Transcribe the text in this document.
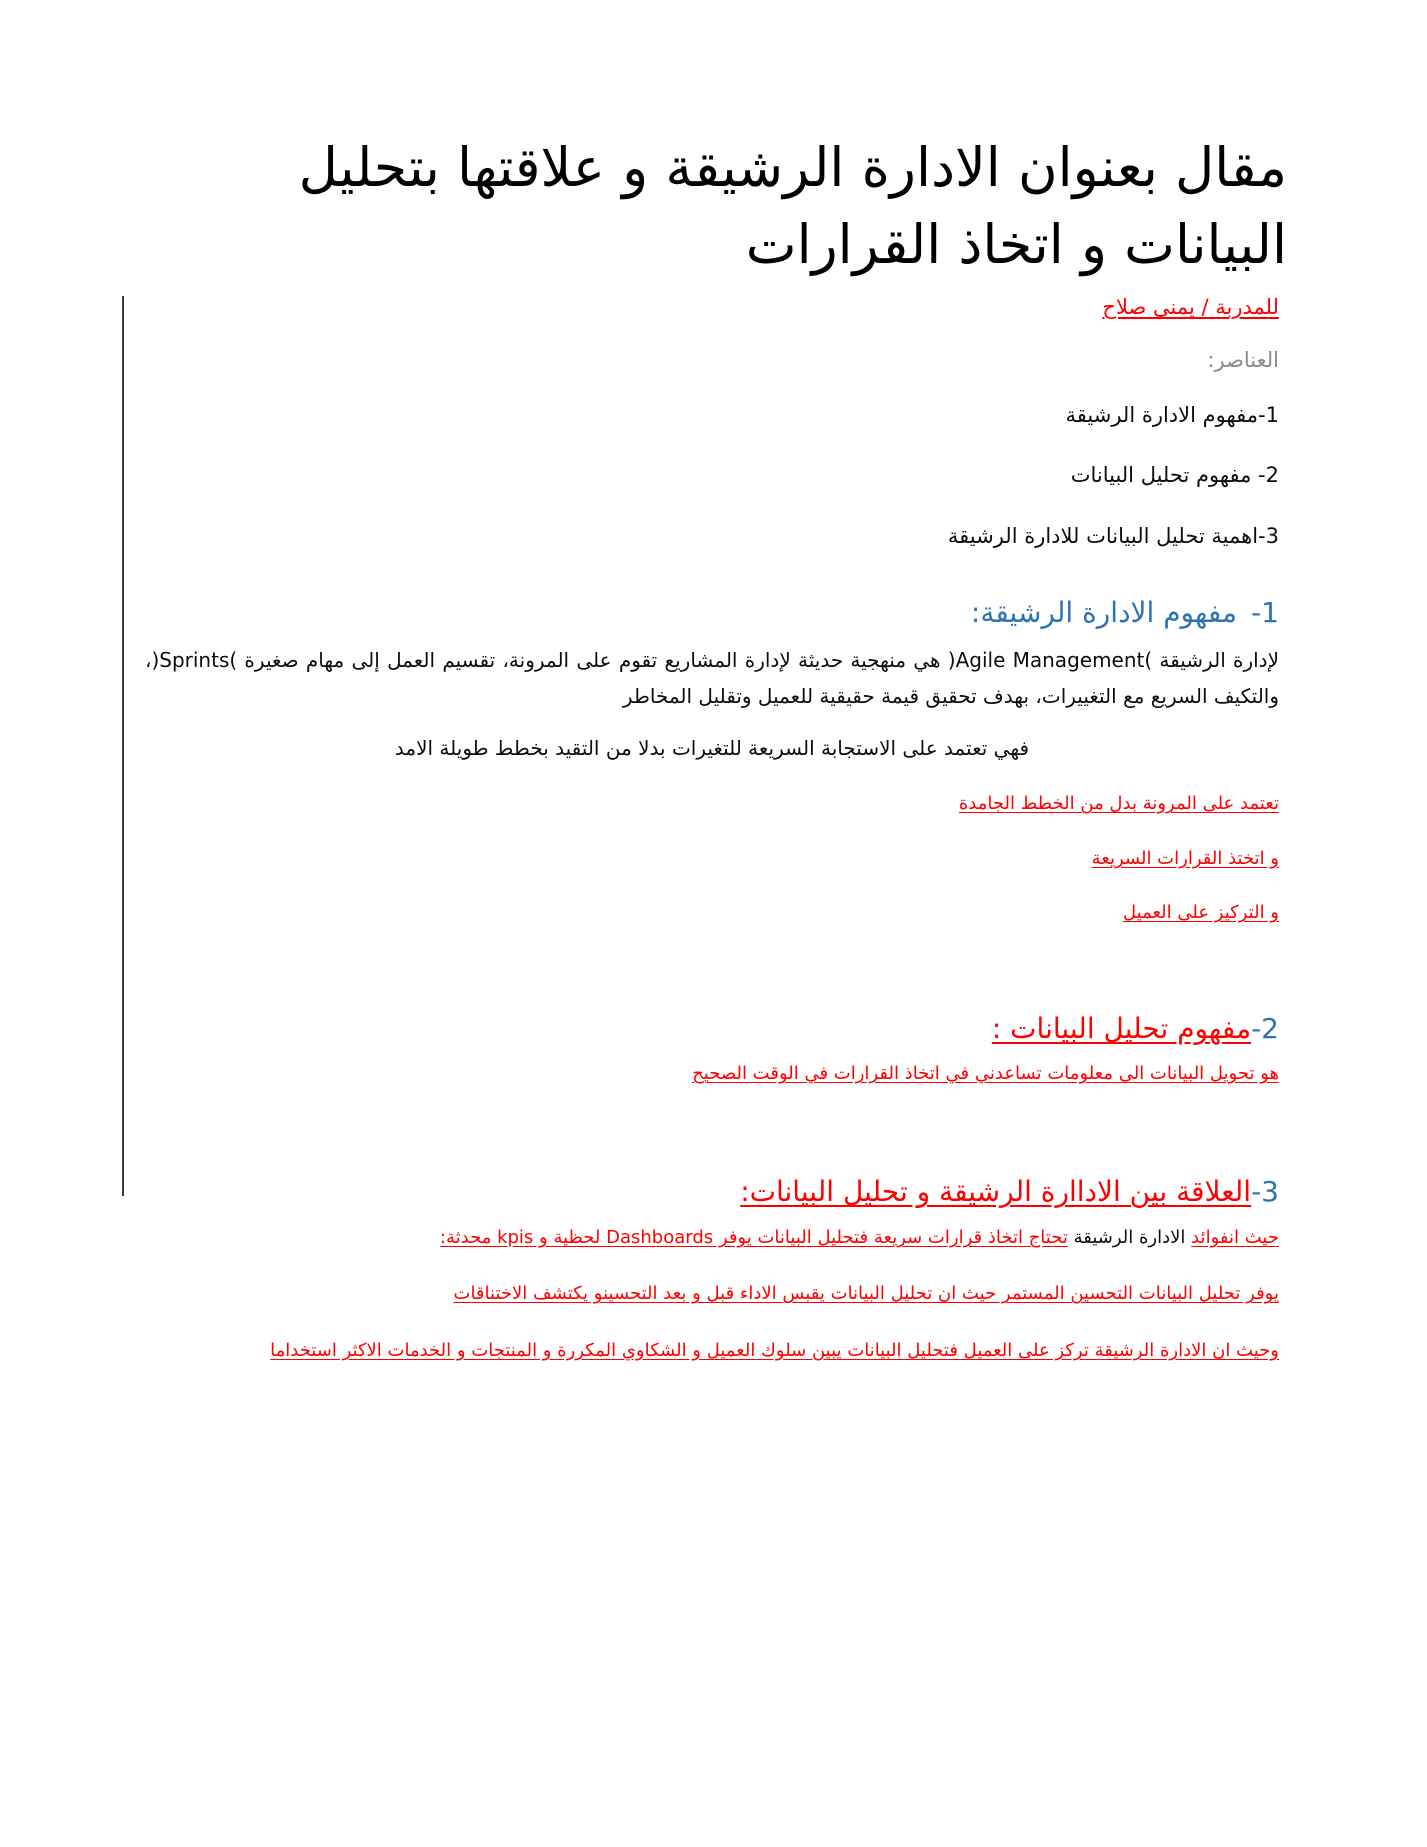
مقال بعنوان الادارة الرشيقة و علاقتها بتحليل البيانات و اتخاذ القرارات
للمدربة / يمنى صلاح
العناصر:
1-مفهوم الادارة الرشيقة
2- مفهوم تحليل البيانات
3-اهمية تحليل البيانات للادارة الرشيقة
1-مفهوم الادارة الرشيقة:

لإدارة الرشيقة )Agile Management( هي منهجية حديثة لإدارة المشاريع تقوم على المرونة، تقسيم العمل إلى مهام صغيرة )Sprints(، والتكيف السريع مع التغييرات، بهدف تحقيق قيمة حقيقية للعميل وتقليل المخاطر

فهي تعتمد على الاستجابة السريعة للتغيرات بدلا من التقيد بخطط طويلة الامد

تعتمد على المرونة بدل من الخطط الجامدة

و اتختذ القرارات السريعة

و التركيز على العميل

2-مفهوم تحليل البيانات :

هو تحويل البيانات الى معلومات تساعدني في اتخاذ القرارات في الوقت الصحيح

3-العلاقة بين الاداارة الرشيقة و تحليل البيانات:

حيث انفوائد الادارة الرشيقة تحتاج اتخاذ قرارات سريعة فتحليل البيانات يوفر Dashboards لحظية و kpis محدثة:

يوفر تحليل البيانات التحسين المستمر حيث ان تحليل البيانات يقبس الاداء قبل و بعد التحسينو يكتشف الاختناقات

وحيث ان الادارة الرشيقة تركز على العميل فتحليل البيانات يبين سلوك العميل و الشكاوي المكررة و المنتجات و الخدمات الاكثر استخداما
